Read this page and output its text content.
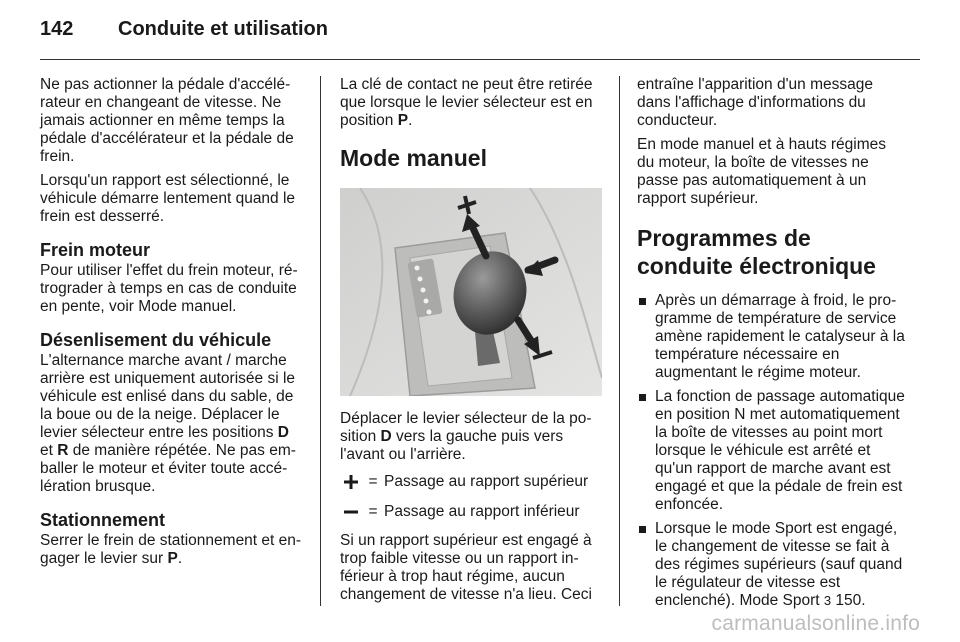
142	Conduite et utilisation

Ne pas actionner la pédale d'accélérateur en changeant de vitesse. Ne jamais actionner en même temps la pédale d'accélérateur et la pédale de frein.

Lorsqu'un rapport est sélectionné, le véhicule démarre lentement quand le frein est desserré.

Frein moteur

Pour utiliser l'effet du frein moteur, rétrograder à temps en cas de conduite en pente, voir Mode manuel.

Désenlisement du véhicule

L'alternance marche avant / marche arrière est uniquement autorisée si le véhicule est enlisé dans du sable, de la boue ou de la neige. Déplacer le levier sélecteur entre les positions D et R de manière répétée. Ne pas emballer le moteur et éviter toute accélération brusque.

Stationnement

Serrer le frein de stationnement et engager le levier sur P.

La clé de contact ne peut être retirée que lorsque le levier sélecteur est en position P.

Mode manuel

Déplacer le levier sélecteur de la position D vers la gauche puis vers l'avant ou l'arrière.

= Passage au rapport supérieur
= Passage au rapport inférieur

Si un rapport supérieur est engagé à trop faible vitesse ou un rapport inférieur à trop haut régime, aucun changement de vitesse n'a lieu. Ceci

entraîne l'apparition d'un message dans l'affichage d'informations du conducteur.

En mode manuel et à hauts régimes du moteur, la boîte de vitesses ne passe pas automatiquement à un rapport supérieur.

Programmes de conduite électronique
Après un démarrage à froid, le programme de température de service amène rapidement le catalyseur à la température nécessaire en augmentant le régime moteur.
La fonction de passage automatique en position N met automatiquement la boîte de vitesses au point mort lorsque le véhicule est arrêté et qu'un rapport de marche avant est engagé et que la pédale de frein est enfoncée.
Lorsque le mode Sport est engagé, le changement de vitesse se fait à des régimes supérieurs (sauf quand le régulateur de vitesse est enclenché). Mode Sport 3 150.
carmanualsonline.info
